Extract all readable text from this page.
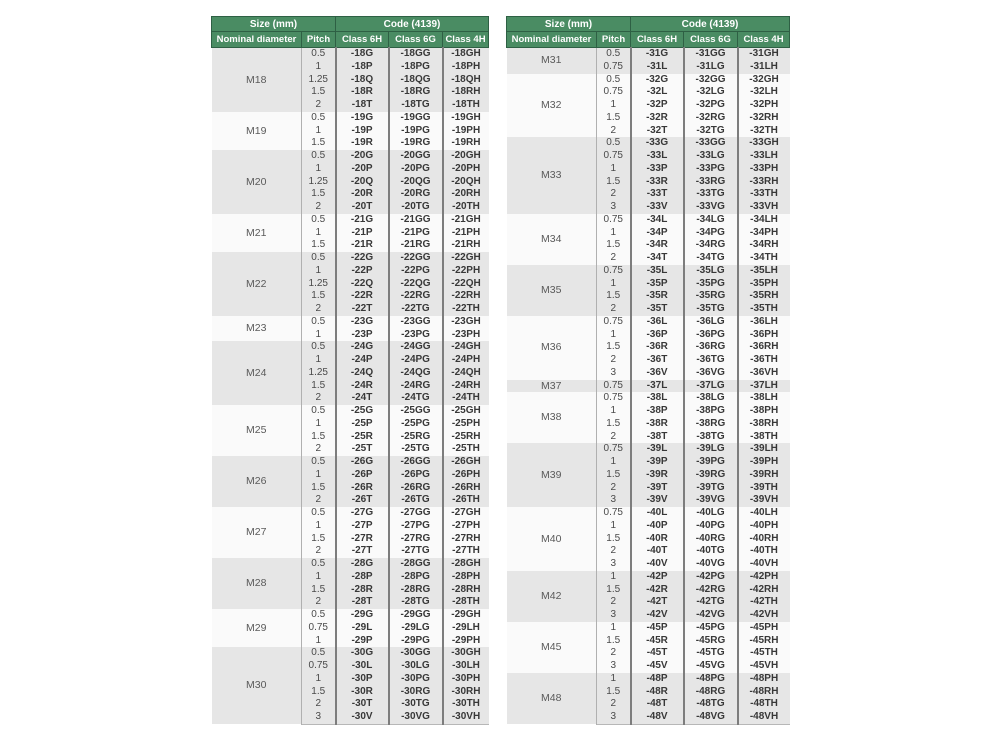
Size (mm)		Code (4139)		
Nominal diameter	Pitch	Class 6H	Class 6G	Class 4H
M18	0.5	-18G	-18GG	-18GH
	1	-18P	-18PG	-18PH
	1.25	-18Q	-18QG	-18QH
	1.5	-18R	-18RG	-18RH
	2	-18T	-18TG	-18TH
M19	0.5	-19G	-19GG	-19GH
	1	-19P	-19PG	-19PH
	1.5	-19R	-19RG	-19RH
M20	0.5	-20G	-20GG	-20GH
	1	-20P	-20PG	-20PH
	1.25	-20Q	-20QG	-20QH
	1.5	-20R	-20RG	-20RH
	2	-20T	-20TG	-20TH
M21	0.5	-21G	-21GG	-21GH
	1	-21P	-21PG	-21PH
	1.5	-21R	-21RG	-21RH
M22	0.5	-22G	-22GG	-22GH
	1	-22P	-22PG	-22PH
	1.25	-22Q	-22QG	-22QH
	1.5	-22R	-22RG	-22RH
	2	-22T	-22TG	-22TH
M23	0.5	-23G	-23GG	-23GH
	1	-23P	-23PG	-23PH
M24	0.5	-24G	-24GG	-24GH
	1	-24P	-24PG	-24PH
	1.25	-24Q	-24QG	-24QH
	1.5	-24R	-24RG	-24RH
	2	-24T	-24TG	-24TH
M25	0.5	-25G	-25GG	-25GH
	1	-25P	-25PG	-25PH
	1.5	-25R	-25RG	-25RH
	2	-25T	-25TG	-25TH
M26	0.5	-26G	-26GG	-26GH
	1	-26P	-26PG	-26PH
	1.5	-26R	-26RG	-26RH
	2	-26T	-26TG	-26TH
M27	0.5	-27G	-27GG	-27GH
	1	-27P	-27PG	-27PH
	1.5	-27R	-27RG	-27RH
	2	-27T	-27TG	-27TH
M28	0.5	-28G	-28GG	-28GH
	1	-28P	-28PG	-28PH
	1.5	-28R	-28RG	-28RH
	2	-28T	-28TG	-28TH
M29	0.5	-29G	-29GG	-29GH
	0.75	-29L	-29LG	-29LH
	1	-29P	-29PG	-29PH
M30	0.5	-30G	-30GG	-30GH
	0.75	-30L	-30LG	-30LH
	1	-30P	-30PG	-30PH
	1.5	-30R	-30RG	-30RH
	2	-30T	-30TG	-30TH
	3	-30V	-30VG	-30VH
Size (mm)		Code (4139)		
Nominal diameter	Pitch	Class 6H	Class 6G	Class 4H
M31	0.5	-31G	-31GG	-31GH
	0.75	-31L	-31LG	-31LH
M32	0.5	-32G	-32GG	-32GH
	0.75	-32L	-32LG	-32LH
	1	-32P	-32PG	-32PH
	1.5	-32R	-32RG	-32RH
	2	-32T	-32TG	-32TH
M33	0.5	-33G	-33GG	-33GH
	0.75	-33L	-33LG	-33LH
	1	-33P	-33PG	-33PH
	1.5	-33R	-33RG	-33RH
	2	-33T	-33TG	-33TH
	3	-33V	-33VG	-33VH
M34	0.75	-34L	-34LG	-34LH
	1	-34P	-34PG	-34PH
	1.5	-34R	-34RG	-34RH
	2	-34T	-34TG	-34TH
M35	0.75	-35L	-35LG	-35LH
	1	-35P	-35PG	-35PH
	1.5	-35R	-35RG	-35RH
	2	-35T	-35TG	-35TH
M36	0.75	-36L	-36LG	-36LH
	1	-36P	-36PG	-36PH
	1.5	-36R	-36RG	-36RH
	2	-36T	-36TG	-36TH
	3	-36V	-36VG	-36VH
M37	0.75	-37L	-37LG	-37LH
M38	0.75	-38L	-38LG	-38LH
	1	-38P	-38PG	-38PH
	1.5	-38R	-38RG	-38RH
	2	-38T	-38TG	-38TH
M39	0.75	-39L	-39LG	-39LH
	1	-39P	-39PG	-39PH
	1.5	-39R	-39RG	-39RH
	2	-39T	-39TG	-39TH
	3	-39V	-39VG	-39VH
M40	0.75	-40L	-40LG	-40LH
	1	-40P	-40PG	-40PH
	1.5	-40R	-40RG	-40RH
	2	-40T	-40TG	-40TH
	3	-40V	-40VG	-40VH
M42	1	-42P	-42PG	-42PH
	1.5	-42R	-42RG	-42RH
	2	-42T	-42TG	-42TH
	3	-42V	-42VG	-42VH
M45	1	-45P	-45PG	-45PH
	1.5	-45R	-45RG	-45RH
	2	-45T	-45TG	-45TH
	3	-45V	-45VG	-45VH
M48	1	-48P	-48PG	-48PH
	1.5	-48R	-48RG	-48RH
	2	-48T	-48TG	-48TH
	3	-48V	-48VG	-48VH
